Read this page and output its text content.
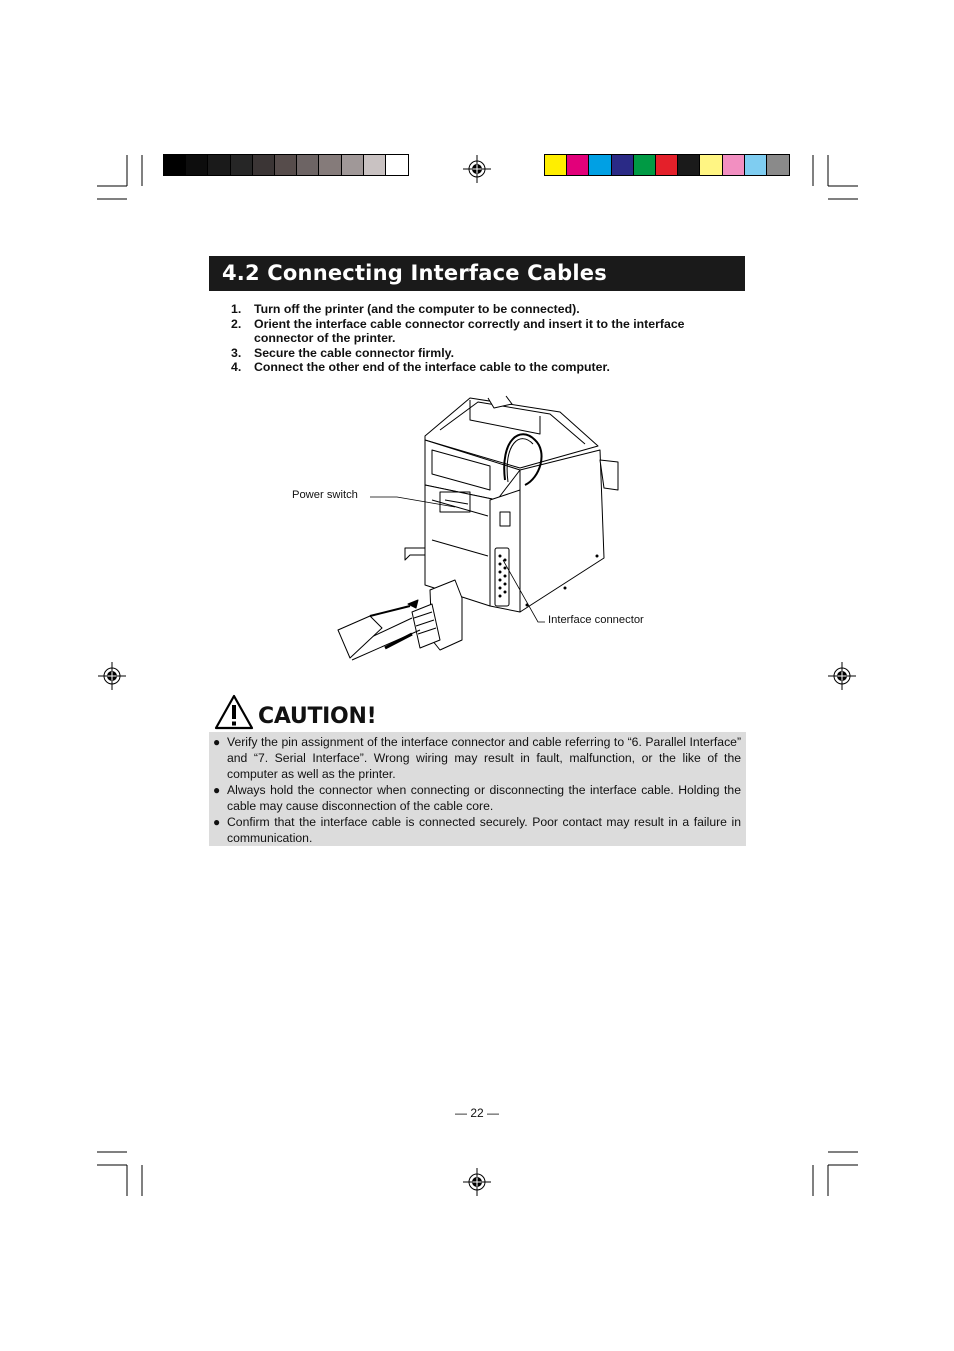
4.2 Connecting Interface Cables
1.	Turn off the printer (and the computer to be connected).
2.	Orient the interface cable connector correctly and insert it to the interface connector of the printer.
3.	Secure the cable connector firmly.
4.	Connect the other end of the interface cable to the computer.
Power switch
Interface connector
CAUTION!
● Verify the pin assignment of the interface connector and cable referring to “6. Parallel Interface” and “7. Serial Interface”. Wrong wiring may result in fault, malfunction, or the like of the computer as well as the printer.
● Always hold the connector when connecting or disconnecting the interface cable. Holding the cable may cause disconnection of the cable core.
● Confirm that the interface cable is connected securely. Poor contact may result in a failure in communication.
— 22 —
